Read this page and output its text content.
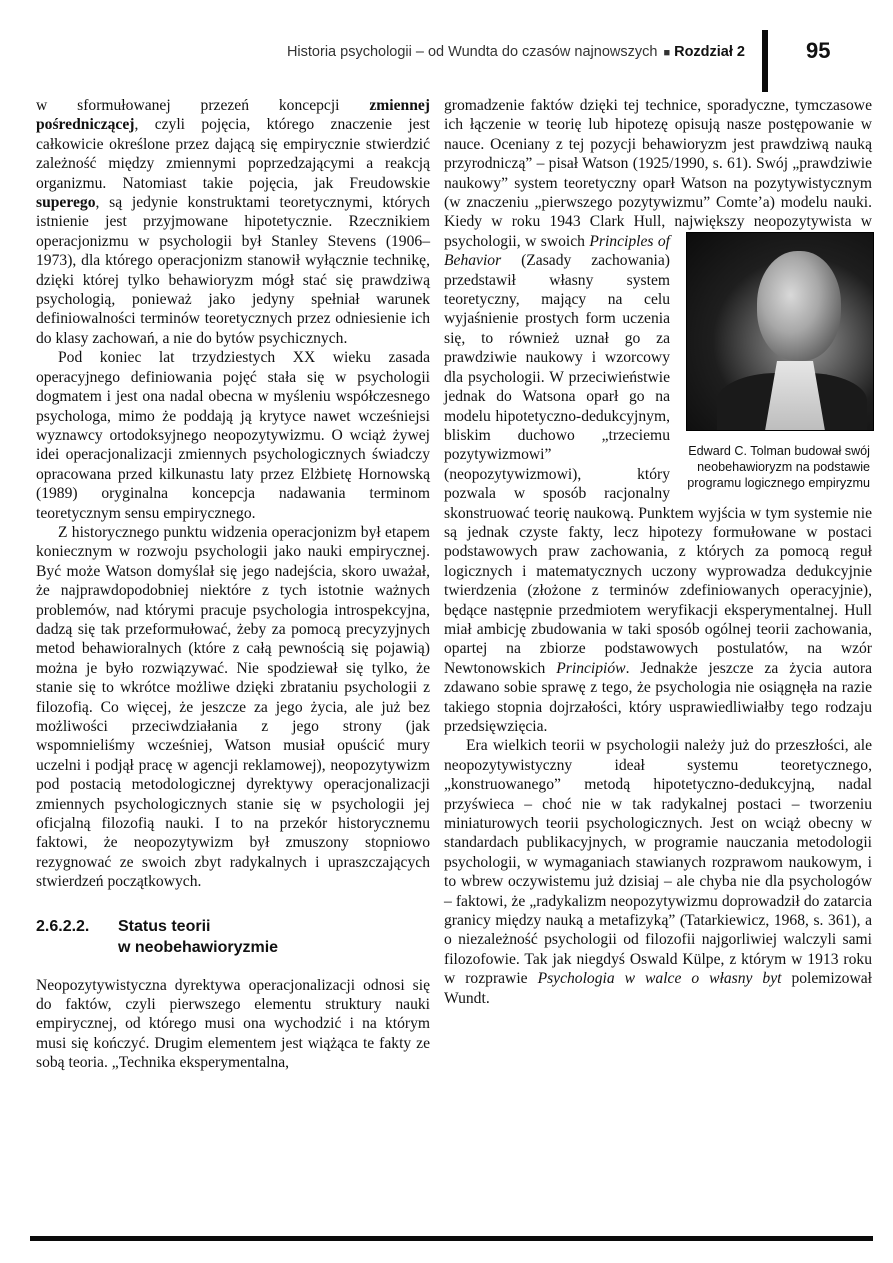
Historia psychologii – od Wundta do czasów najnowszych ■ Rozdział 2	95

w sformułowanej przezeń koncepcji zmiennej pośredniczącej, czyli pojęcia, którego znaczenie jest całkowicie określone przez dającą się empirycznie stwierdzić zależność między zmiennymi poprzedzającymi a reakcją organizmu. Natomiast takie pojęcia, jak Freudowskie superego, są jedynie konstruktami teoretycznymi, których istnienie jest przyjmowane hipotetycznie. Rzecznikiem operacjonizmu w psychologii był Stanley Stevens (1906–1973), dla którego operacjonizm stanowił wyłącznie technikę, dzięki której tylko behawioryzm mógł stać się prawdziwą psychologią, ponieważ jako jedyny spełniał warunek definiowalności terminów teoretycznych przez odniesienie ich do klasy zachowań, a nie do bytów psychicznych.

Pod koniec lat trzydziestych XX wieku zasada operacyjnego definiowania pojęć stała się w psychologii dogmatem i jest ona nadal obecna w myśleniu współczesnego psychologa, mimo że poddają ją krytyce nawet wcześniejsi wyznawcy ortodoksyjnego neopozytywizmu. O wciąż żywej idei operacjonalizacji zmiennych psychologicznych świadczy opracowana przed kilkunastu laty przez Elżbietę Hornowską (1989) oryginalna koncepcja nadawania terminom teoretycznym sensu empirycznego.

Z historycznego punktu widzenia operacjonizm był etapem koniecznym w rozwoju psychologii jako nauki empirycznej. Być może Watson domyślał się jego nadejścia, skoro uważał, że najprawdopodobniej niektóre z tych istotnie ważnych problemów, nad którymi pracuje psychologia introspekcyjna, dadzą się tak przeformułować, żeby za pomocą precyzyjnych metod behawioralnych (które z całą pewnością się pojawią) można je było rozwiązywać. Nie spodziewał się tylko, że stanie się to wkrótce możliwe dzięki zbrataniu psychologii z filozofią. Co więcej, że jeszcze za jego życia, ale już bez możliwości przeciwdziałania z jego strony (jak wspomnieliśmy wcześniej, Watson musiał opuścić mury uczelni i podjął pracę w agencji reklamowej), neopozytywizm pod postacią metodologicznej dyrektywy operacjonalizacji zmiennych psychologicznych stanie się w psychologii jej oficjalną filozofią nauki. I to na przekór historycznemu faktowi, że neopozytywizm był zmuszony stopniowo rezygnować ze swoich zbyt radykalnych i upraszczających stwierdzeń początkowych.

2.6.2.2. Status teorii
w neobehawioryzmie

Neopozytywistyczna dyrektywa operacjonalizacji odnosi się do faktów, czyli pierwszego elementu struktury nauki empirycznej, od którego musi ona wychodzić i na którym musi się kończyć. Drugim elementem jest wiążąca te fakty ze sobą teoria. „Technika eksperymentalna,

gromadzenie faktów dzięki tej technice, sporadyczne, tymczasowe ich łączenie w teorię lub hipotezę opisują nasze postępowanie w nauce. Oceniany z tej pozycji behawioryzm jest prawdziwą nauką przyrodniczą” – pisał Watson (1925/1990, s. 61). Swój „prawdziwie naukowy” system teoretyczny oparł Watson na pozytywistycznym (w znaczeniu „pierwszego pozytywizmu” Comte’a) modelu nauki. Kiedy w roku 1943 Clark Hull, największy neopozytywista w psychologii, w swoich
Edward C. Tolman budował swój neobehawioryzm na podstawie programu logicznego empiryzmu
Principles of Behavior (Zasady zachowania) przedstawił własny system teoretyczny, mający na celu wyjaśnienie prostych form uczenia się, to również uznał go za prawdziwie naukowy i wzorcowy dla psychologii. W przeciwieństwie jednak do Watsona oparł go na modelu hipotetyczno-dedukcyjnym, bliskim duchowo „trzeciemu pozytywizmowi” (neopozytywizmowi), który pozwala w sposób racjonalny skonstruować teorię naukową. Punktem wyjścia w tym systemie nie są jednak czyste fakty, lecz hipotezy formułowane w postaci podstawowych praw zachowania, z których za pomocą reguł logicznych i matematycznych uczony wyprowadza dedukcyjnie twierdzenia (złożone z terminów zdefiniowanych operacyjnie), będące następnie przedmiotem weryfikacji eksperymentalnej. Hull miał ambicję zbudowania w taki sposób ogólnej teorii zachowania, opartej na zbiorze podstawowych postulatów, na wzór Newtonowskich Principiów. Jednakże jeszcze za życia autora zdawano sobie sprawę z tego, że psychologia nie osiągnęła na razie takiego stopnia dojrzałości, który usprawiedliwiałby tego rodzaju przedsięwzięcia.

Era wielkich teorii w psychologii należy już do przeszłości, ale neopozytywistyczny ideał systemu teoretycznego, „konstruowanego” metodą hipotetyczno-dedukcyjną, nadal przyświeca – choć nie w tak radykalnej postaci – tworzeniu miniaturowych teorii psychologicznych. Jest on wciąż obecny w standardach publikacyjnych, w programie nauczania metodologii psychologii, w wymaganiach stawianych rozprawom naukowym, i to wbrew oczywistemu już dzisiaj – ale chyba nie dla psychologów – faktowi, że „radykalizm neopozytywizmu doprowadził do zatarcia granicy między nauką a metafizyką” (Tatarkiewicz, 1968, s. 361), a o niezależność psychologii od filozofii najgorliwiej walczyli sami filozofowie. Tak jak niegdyś Oswald Külpe, z którym w 1913 roku w rozprawie Psychologia w walce o własny byt polemizował Wundt.
